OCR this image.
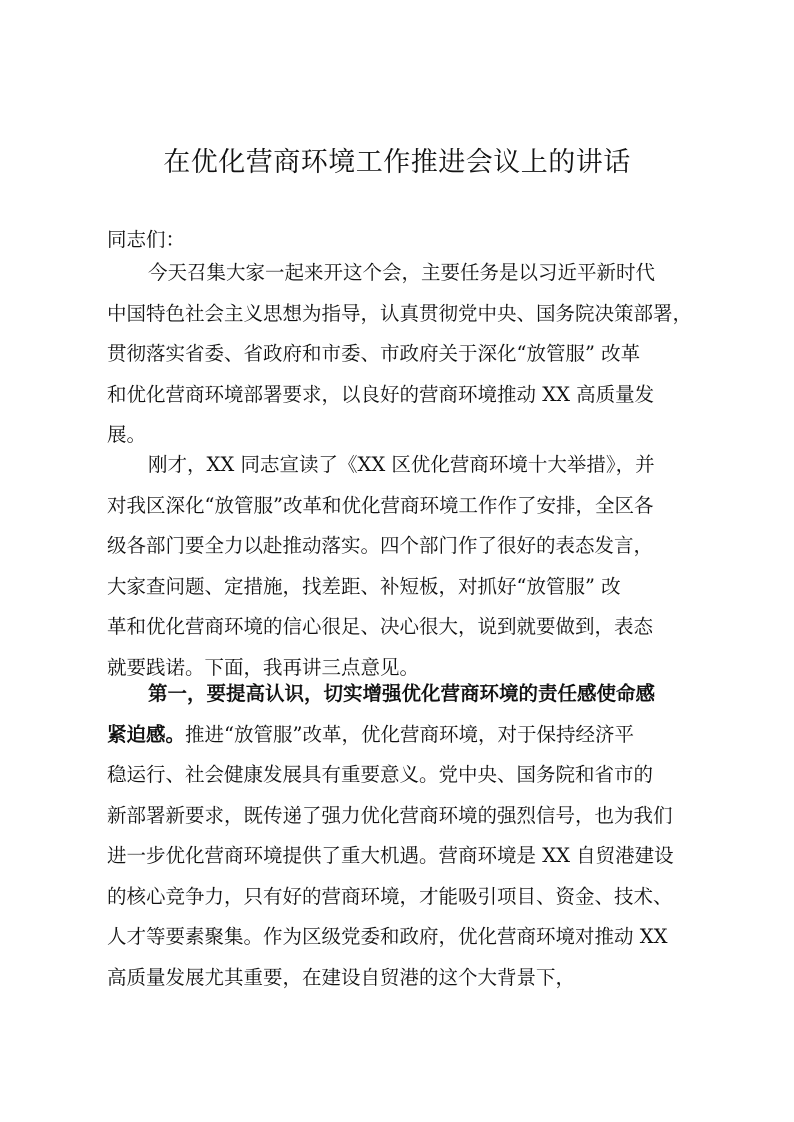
在优化营商环境工作推进会议上的讲话

同志们：

今天召集大家一起来开这个会，主要任务是以习近平新时代
中国特色社会主义思想为指导，认真贯彻党中央、国务院决策部署，
贯彻落实省委、省政府和市委、市政府关于深化“放管服” 改革
和优化营商环境部署要求，以良好的营商环境推动 XX 高质量发
展。
刚才，XX 同志宣读了《XX 区优化营商环境十大举措》，并
对我区深化“放管服”改革和优化营商环境工作作了安排，全区各
级各部门要全力以赴推动落实。四个部门作了很好的表态发言，
大家查问题、定措施，找差距、补短板，对抓好“放管服” 改
革和优化营商环境的信心很足、决心很大，说到就要做到，表态
就要践诺。下面，我再讲三点意见。
第一，要提高认识，切实增强优化营商环境的责任感使命感
紧迫感。推进“放管服”改革，优化营商环境，对于保持经济平
稳运行、社会健康发展具有重要意义。党中央、国务院和省市的
新部署新要求，既传递了强力优化营商环境的强烈信号，也为我们
进一步优化营商环境提供了重大机遇。营商环境是 XX 自贸港建设
的核心竞争力，只有好的营商环境，才能吸引项目、资金、技术、
人才等要素聚集。作为区级党委和政府，优化营商环境对推动 XX
高质量发展尤其重要，在建设自贸港的这个大背景下，
